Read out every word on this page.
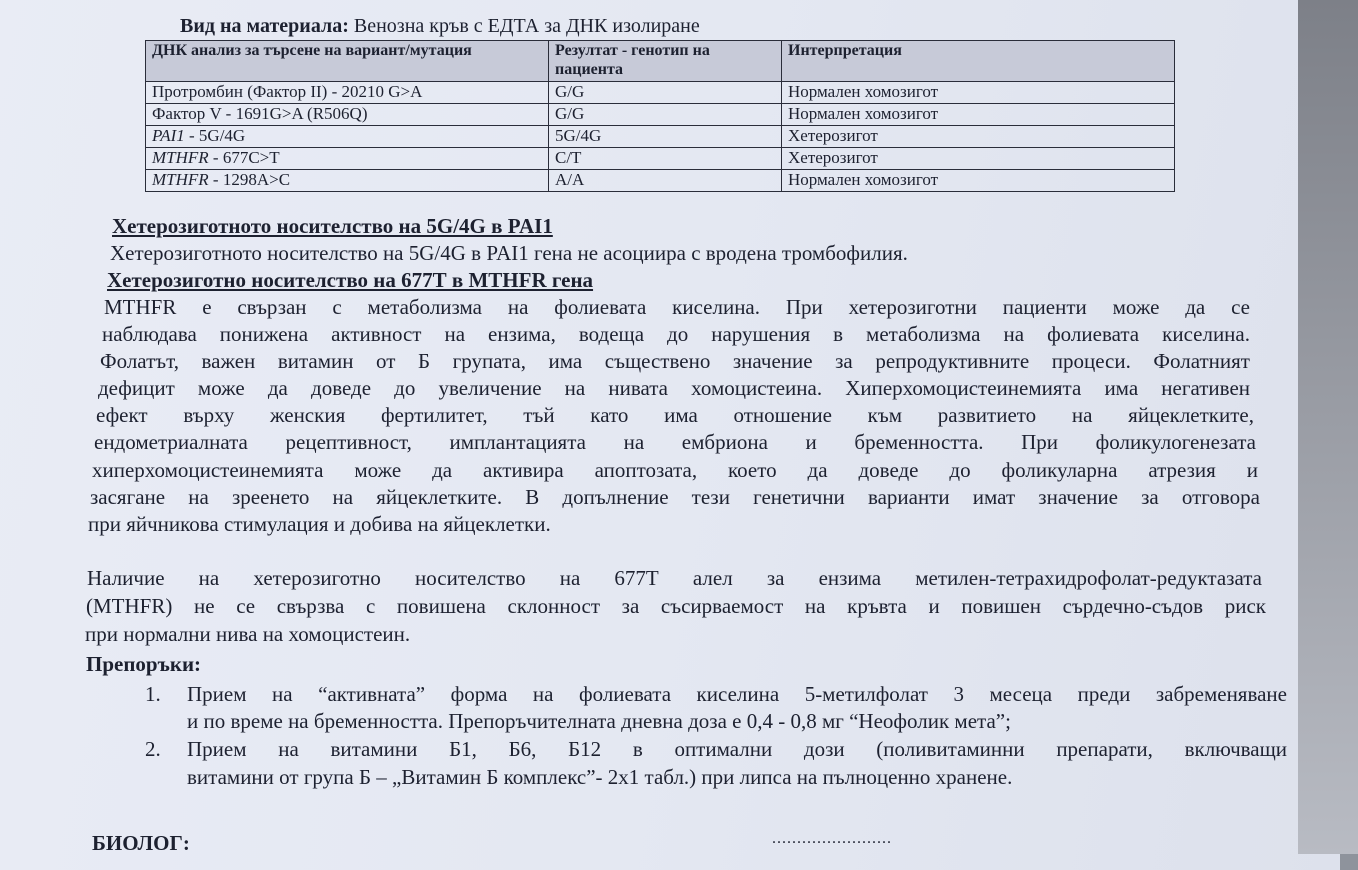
Вид на материала: Венозна кръв с ЕДТА за ДНК изолиране
ДНК анализ за търсене на вариант/мутация	Резултат - генотип на пациента	Интерпретация
Протромбин (Фактор II) - 20210 G>A	G/G	Нормален хомозигот
Фактор V - 1691G>A (R506Q)	G/G	Нормален хомозигот
PAI1 - 5G/4G	5G/4G	Хетерозигот
MTHFR - 677C>T	C/T	Хетерозигот
MTHFR - 1298A>C	A/A	Нормален хомозигот
Хетерозиготното носителство на 5G/4G в PAI1
Хетерозиготното носителство на 5G/4G в PAI1 гена не асоциира с вродена тромбофилия.
Хетерозиготно носителство на 677Т в MTHFR гена
MTHFR е свързан с метаболизма на фолиевата киселина. При хетерозиготни пациенти може да се
наблюдава понижена активност на ензима, водеща до нарушения в метаболизма на фолиевата киселина.
Фолатът, важен витамин от Б групата, има съществено значение за репродуктивните процеси. Фолатният
дефицит може да доведе до увеличение на нивата хомоцистеина. Хиперхомоцистеинемията има негативен
ефект върху женския фертилитет, тъй като има отношение към развитието на яйцеклетките,
ендометриалната рецептивност, имплантацията на ембриона и бременността. При фоликулогенезата
хиперхомоцистеинемията може да активира апоптозата, което да доведе до фоликуларна атрезия и
засягане на зреенето на яйцеклетките. В допълнение тези генетични варианти имат значение за отговора
при яйчникова стимулация и добива на яйцеклетки.
Наличие на хетерозиготно носителство на 677Т алел за ензима метилен-тетрахидрофолат-редуктазата
(MTHFR) не се свързва с повишена склонност за съсирваемост на кръвта и повишен сърдечно-съдов риск
при нормални нива на хомоцистеин.
Препоръки:
1. Прием на “активната” форма на фолиевата киселина 5-метилфолат 3 месеца преди забременяване
и по време на бременността. Препоръчителната дневна доза е 0,4 - 0,8 мг “Неофолик мета”;
2. Прием на витамини Б1, Б6, Б12 в оптимални дози (поливитаминни препарати, включващи
витамини от група Б – „Витамин Б комплекс”- 2х1 табл.) при липса на пълноценно хранене.
БИОЛОГ:	........................
